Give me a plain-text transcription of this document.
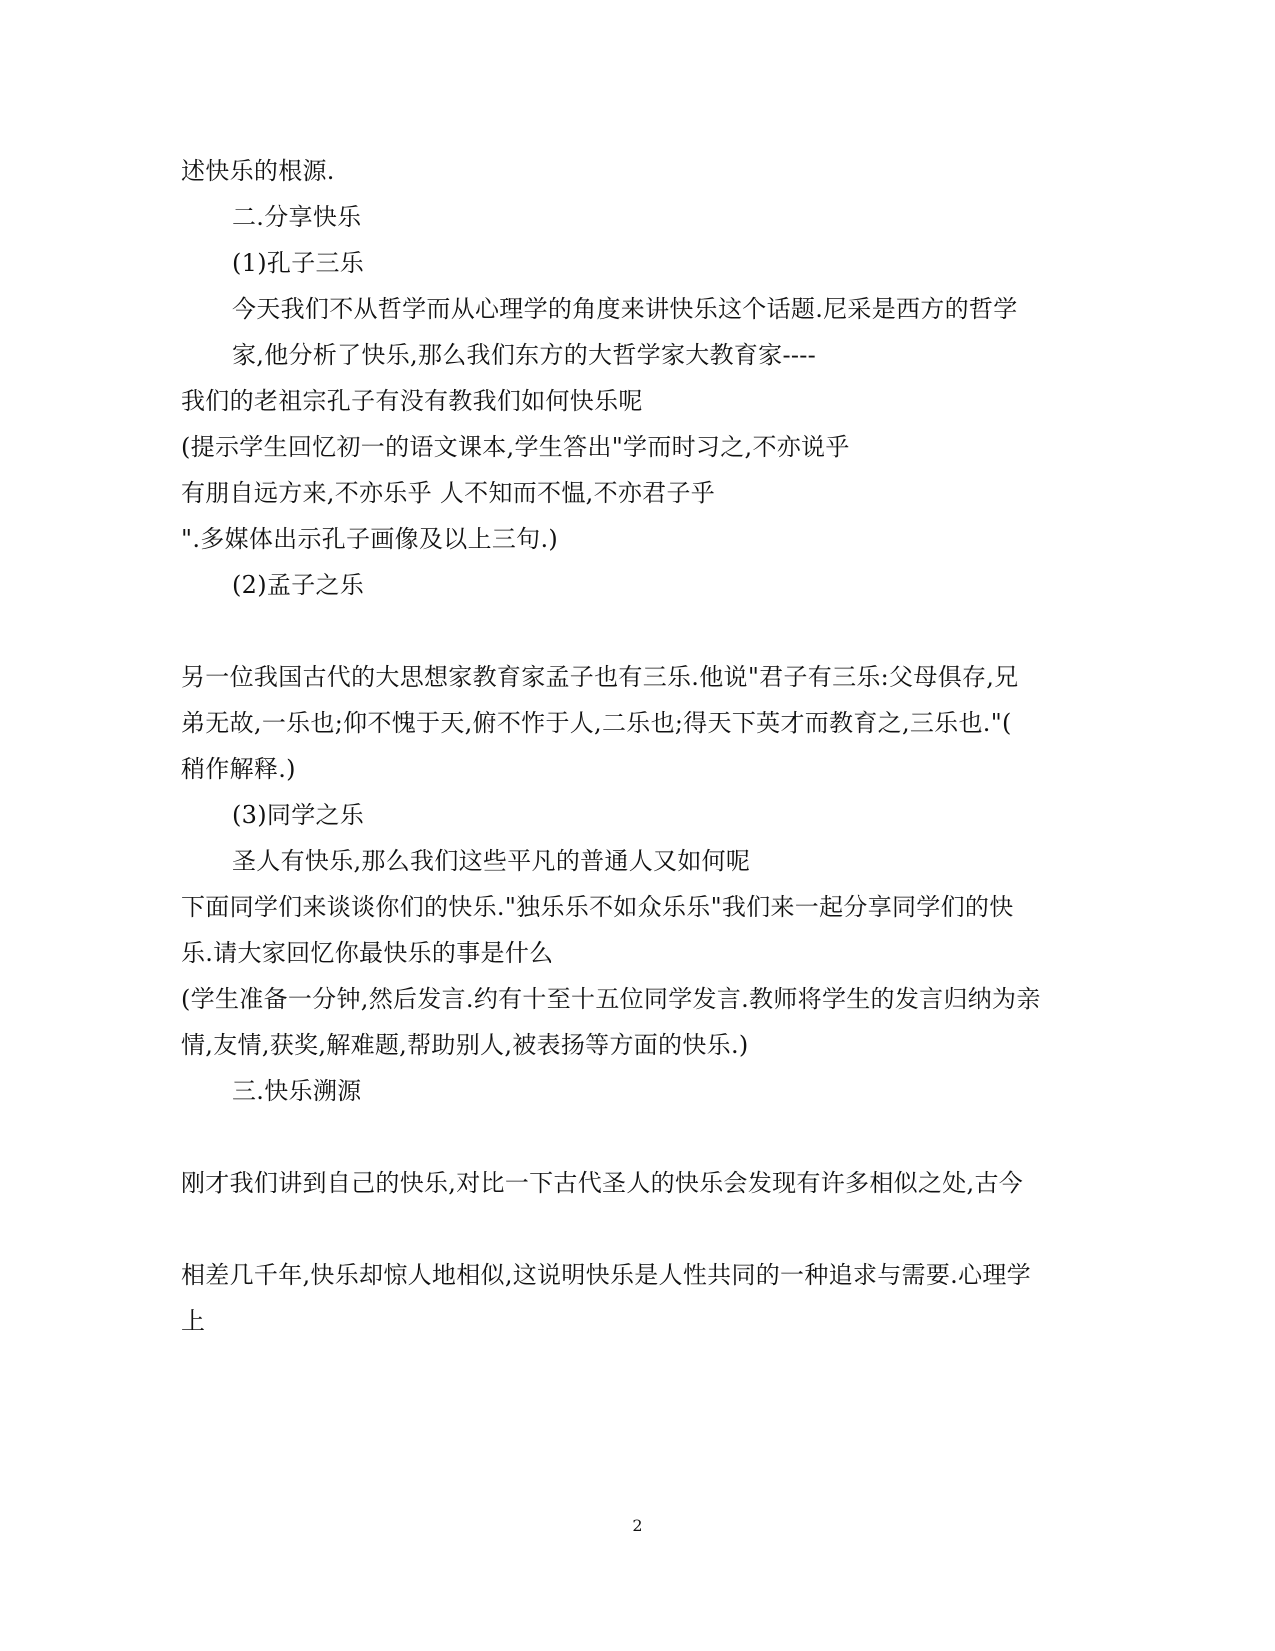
述快乐的根源.
二.分享快乐
(1)孔子三乐
今天我们不从哲学而从心理学的角度来讲快乐这个话题.尼采是西方的哲学
家,他分析了快乐,那么我们东方的大哲学家大教育家----
我们的老祖宗孔子有没有教我们如何快乐呢
(提示学生回忆初一的语文课本,学生答出"学而时习之,不亦说乎
有朋自远方来,不亦乐乎 人不知而不愠,不亦君子乎
".多媒体出示孔子画像及以上三句.)
(2)孟子之乐
另一位我国古代的大思想家教育家孟子也有三乐.他说"君子有三乐:父母俱存,兄
弟无故,一乐也;仰不愧于天,俯不怍于人,二乐也;得天下英才而教育之,三乐也."(
稍作解释.)
(3)同学之乐
圣人有快乐,那么我们这些平凡的普通人又如何呢
下面同学们来谈谈你们的快乐."独乐乐不如众乐乐"我们来一起分享同学们的快
乐.请大家回忆你最快乐的事是什么
(学生准备一分钟,然后发言.约有十至十五位同学发言.教师将学生的发言归纳为亲
情,友情,获奖,解难题,帮助别人,被表扬等方面的快乐.)
三.快乐溯源
刚才我们讲到自己的快乐,对比一下古代圣人的快乐会发现有许多相似之处,古今
相差几千年,快乐却惊人地相似,这说明快乐是人性共同的一种追求与需要.心理学
上
2
